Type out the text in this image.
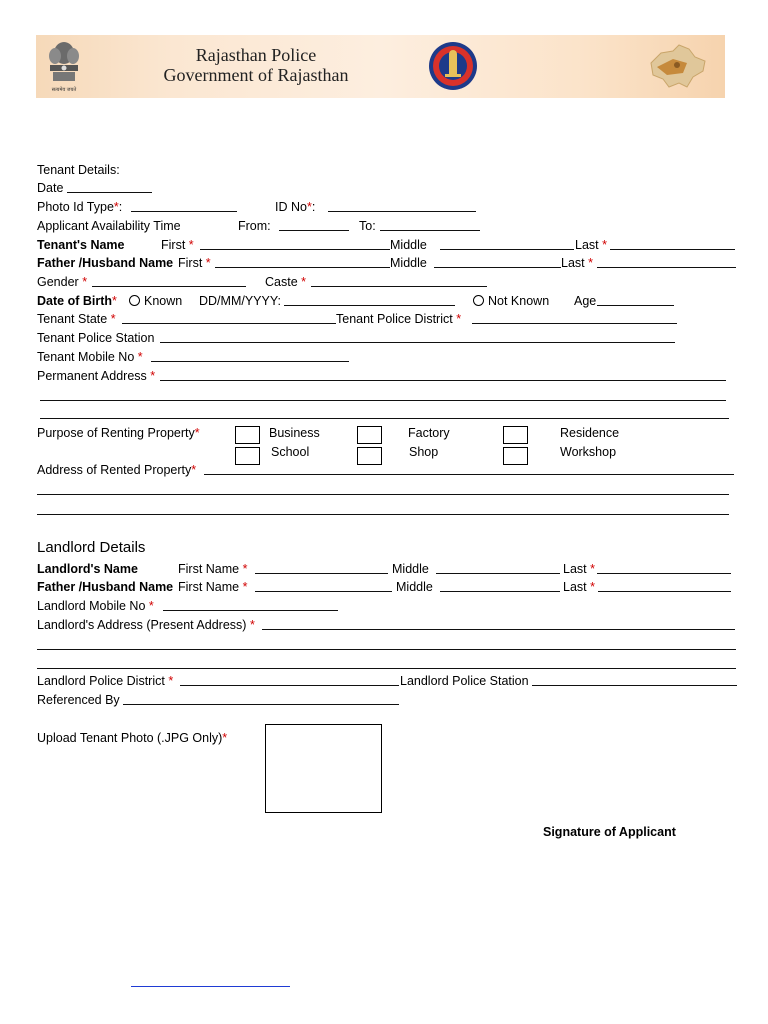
सत्यमेव जयते
Rajasthan Police
Government of Rajasthan
Tenant Details:
Date
Photo Id Type*:	ID No*:
Applicant Availability Time	From:	To:
Tenant's Name	First *	Middle	Last *
Father /Husband Name First *	Middle	Last *
Gender *	Caste *
Date of Birth*	Known DD/MM/YYYY:	Not Known Age
Tenant State *	Tenant Police District *
Tenant Police Station
Tenant Mobile No *
Permanent Address *
Purpose of Renting Property*	Business	Factory	Residence
School	Shop	Workshop
Address of Rented Property*
Landlord Details
Landlord's Name	First Name *	Middle	Last *
Father /Husband Name First Name *	Middle	Last *
Landlord Mobile No *
Landlord's Address (Present Address) *
Landlord Police District *	Landlord Police Station
Referenced By
Upload Tenant Photo (.JPG Only)*
Signature of Applicant
